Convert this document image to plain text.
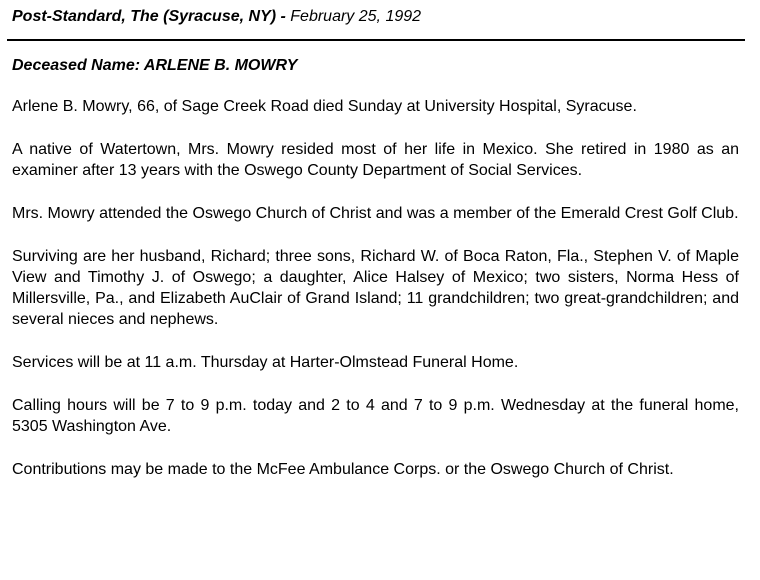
Post-Standard, The (Syracuse, NY) - February 25, 1992
Deceased Name: ARLENE B. MOWRY

Arlene B. Mowry, 66, of Sage Creek Road died Sunday at University Hospital, Syracuse.

A native of Watertown, Mrs. Mowry resided most of her life in Mexico. She retired in 1980 as an examiner after 13 years with the Oswego County Department of Social Services.

Mrs. Mowry attended the Oswego Church of Christ and was a member of the Emerald Crest Golf Club.

Surviving are her husband, Richard; three sons, Richard W. of Boca Raton, Fla., Stephen V. of Maple View and Timothy J. of Oswego; a daughter, Alice Halsey of Mexico; two sisters, Norma Hess of Millersville, Pa., and Elizabeth AuClair of Grand Island; 11 grandchildren; two great-grandchildren; and several nieces and nephews.

Services will be at 11 a.m. Thursday at Harter-Olmstead Funeral Home.

Calling hours will be 7 to 9 p.m. today and 2 to 4 and 7 to 9 p.m. Wednesday at the funeral home, 5305 Washington Ave.

Contributions may be made to the McFee Ambulance Corps. or the Oswego Church of Christ.
